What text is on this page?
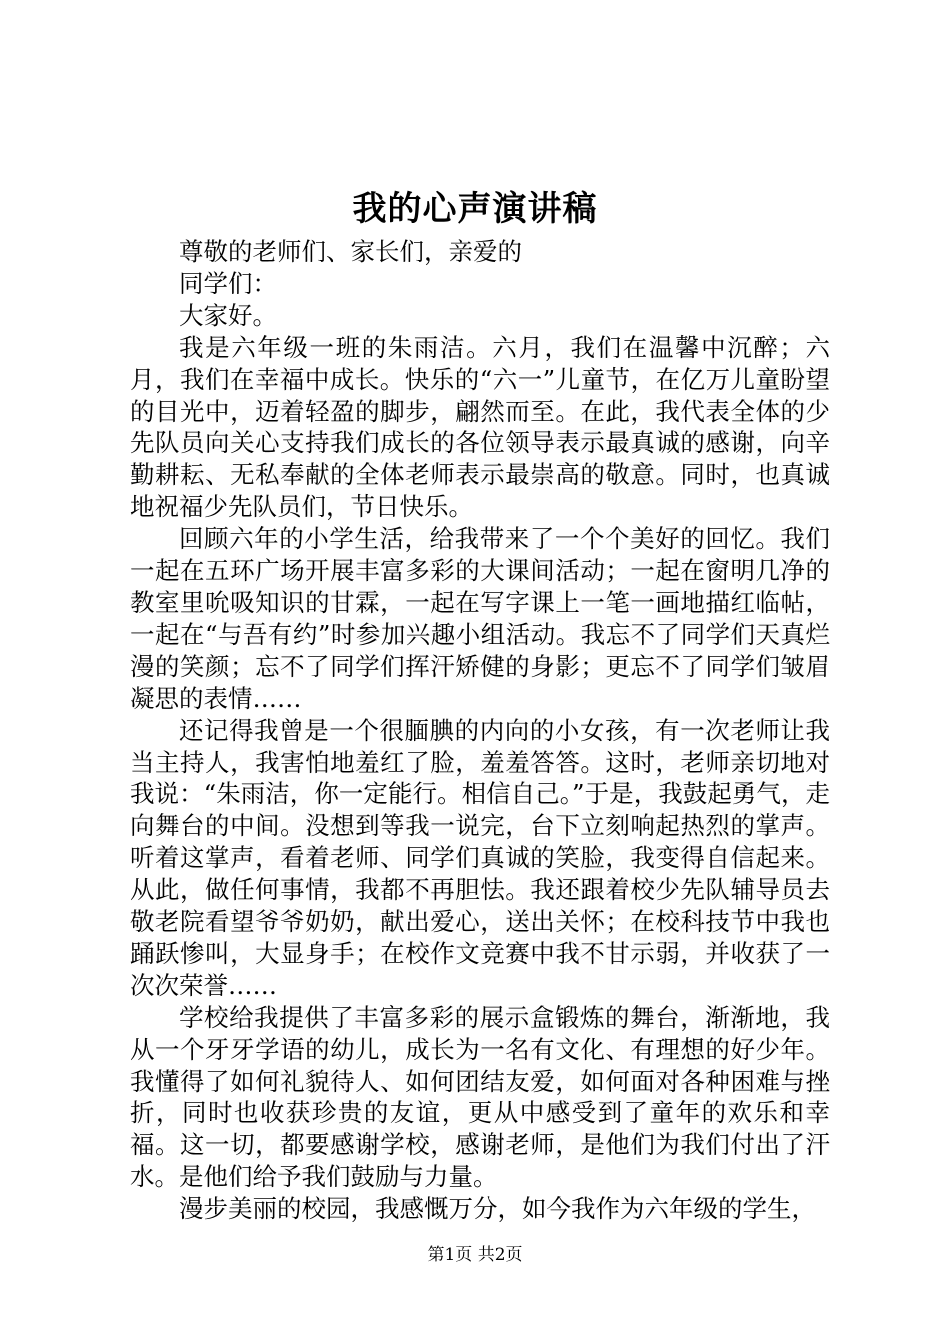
我的心声演讲稿

尊敬的老师们、家长们，亲爱的

同学们：

大家好。

我是六年级一班的朱雨洁。六月，我们在温馨中沉醉；六月，我们在幸福中成长。快乐的“六一”儿童节，在亿万儿童盼望的目光中，迈着轻盈的脚步，翩然而至。在此，我代表全体的少先队员向关心支持我们成长的各位领导表示最真诚的感谢，向辛勤耕耘、无私奉献的全体老师表示最崇高的敬意。同时，也真诚地祝福少先队员们，节日快乐。

回顾六年的小学生活，给我带来了一个个美好的回忆。我们一起在五环广场开展丰富多彩的大课间活动；一起在窗明几净的教室里吮吸知识的甘霖，一起在写字课上一笔一画地描红临帖，一起在“与吾有约”时参加兴趣小组活动。我忘不了同学们天真烂漫的笑颜；忘不了同学们挥汗矫健的身影；更忘不了同学们皱眉凝思的表情……

还记得我曾是一个很腼腆的内向的小女孩，有一次老师让我当主持人，我害怕地羞红了脸，羞羞答答。这时，老师亲切地对我说：“朱雨洁，你一定能行。相信自己。”于是，我鼓起勇气，走向舞台的中间。没想到等我一说完，台下立刻响起热烈的掌声。听着这掌声，看着老师、同学们真诚的笑脸，我变得自信起来。从此，做任何事情，我都不再胆怯。我还跟着校少先队辅导员去敬老院看望爷爷奶奶，献出爱心，送出关怀；在校科技节中我也踊跃惨叫，大显身手；在校作文竞赛中我不甘示弱，并收获了一次次荣誉……

学校给我提供了丰富多彩的展示盒锻炼的舞台，渐渐地，我从一个牙牙学语的幼儿，成长为一名有文化、有理想的好少年。我懂得了如何礼貌待人、如何团结友爱，如何面对各种困难与挫折，同时也收获珍贵的友谊，更从中感受到了童年的欢乐和幸福。这一切，都要感谢学校，感谢老师，是他们为我们付出了汗水。是他们给予我们鼓励与力量。

漫步美丽的校园，我感慨万分，如今我作为六年级的学生，

第1页 共2页
